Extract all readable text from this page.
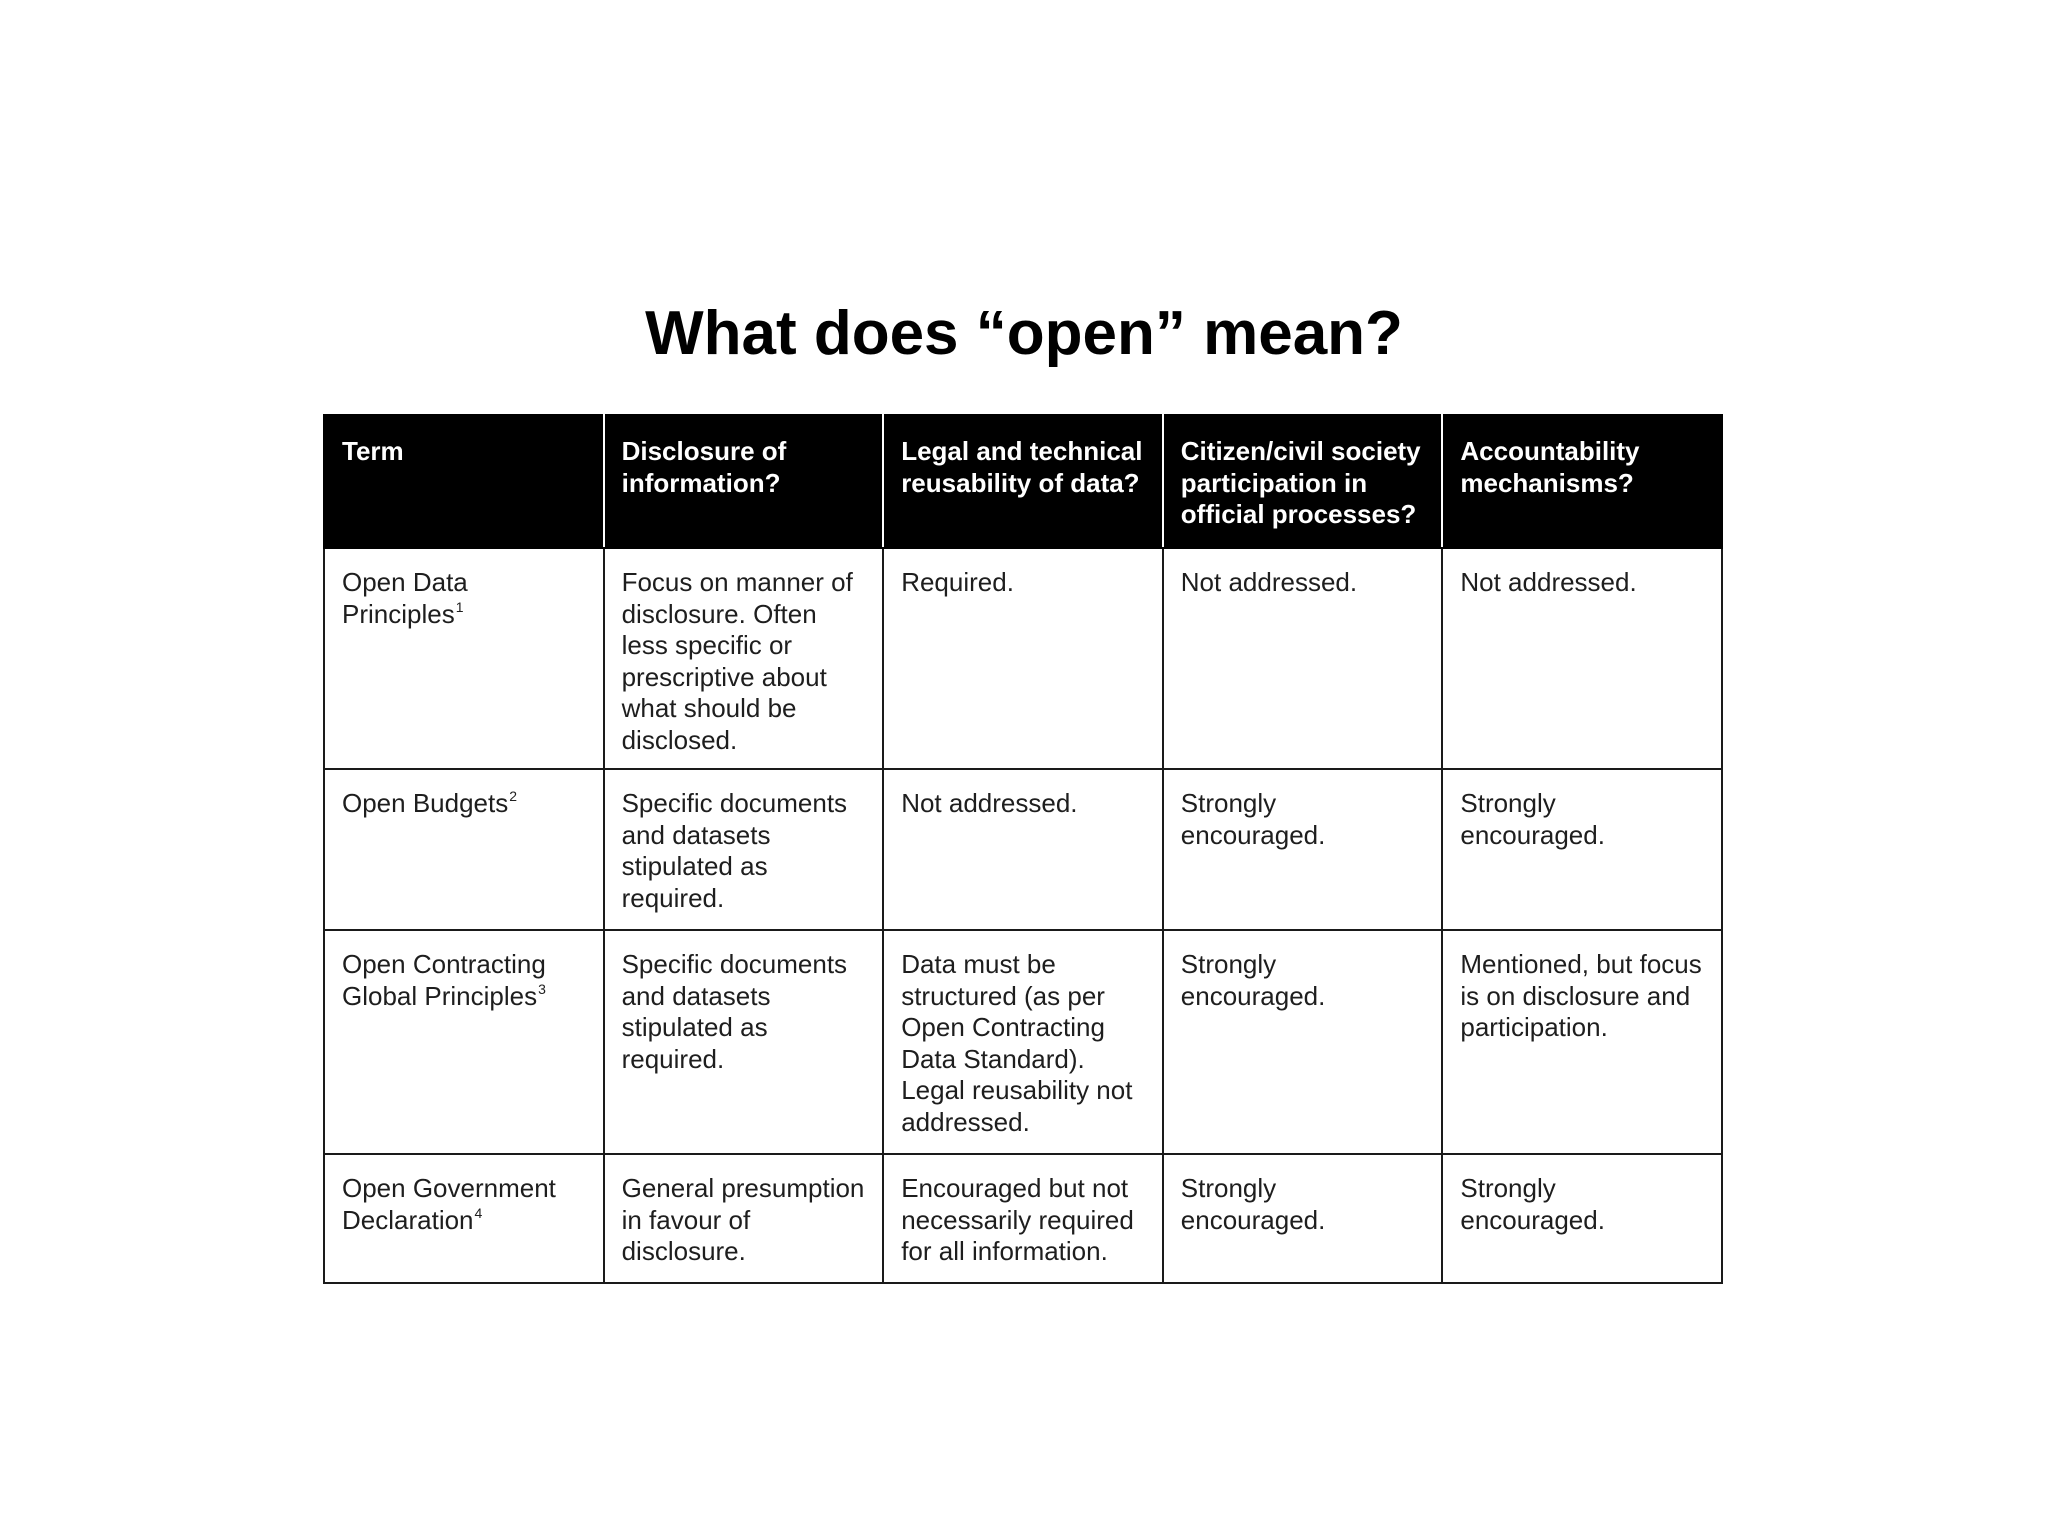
What does “open” mean?
Term	Disclosure of information?	Legal and technical reusability of data?	Citizen/civil society participation in official processes?	Accountability mechanisms?
Open Data Principles$^1$	Focus on manner of disclosure. Often less specific or prescriptive about what should be disclosed.	Required.	Not addressed.	Not addressed.
Open Budgets$^2$	Specific documents and datasets stipulated as required.	Not addressed.	Strongly encouraged.	Strongly encouraged.
Open Contracting Global Principles$^3$	Specific documents and datasets stipulated as required.	Data must be structured (as per Open Contracting Data Standard). Legal reusability not addressed.	Strongly encouraged.	Mentioned, but focus is on disclosure and participation.
Open Government Declaration$^4$	General presumption in favour of disclosure.	Encouraged but not necessarily required for all information.	Strongly encouraged.	Strongly encouraged.
